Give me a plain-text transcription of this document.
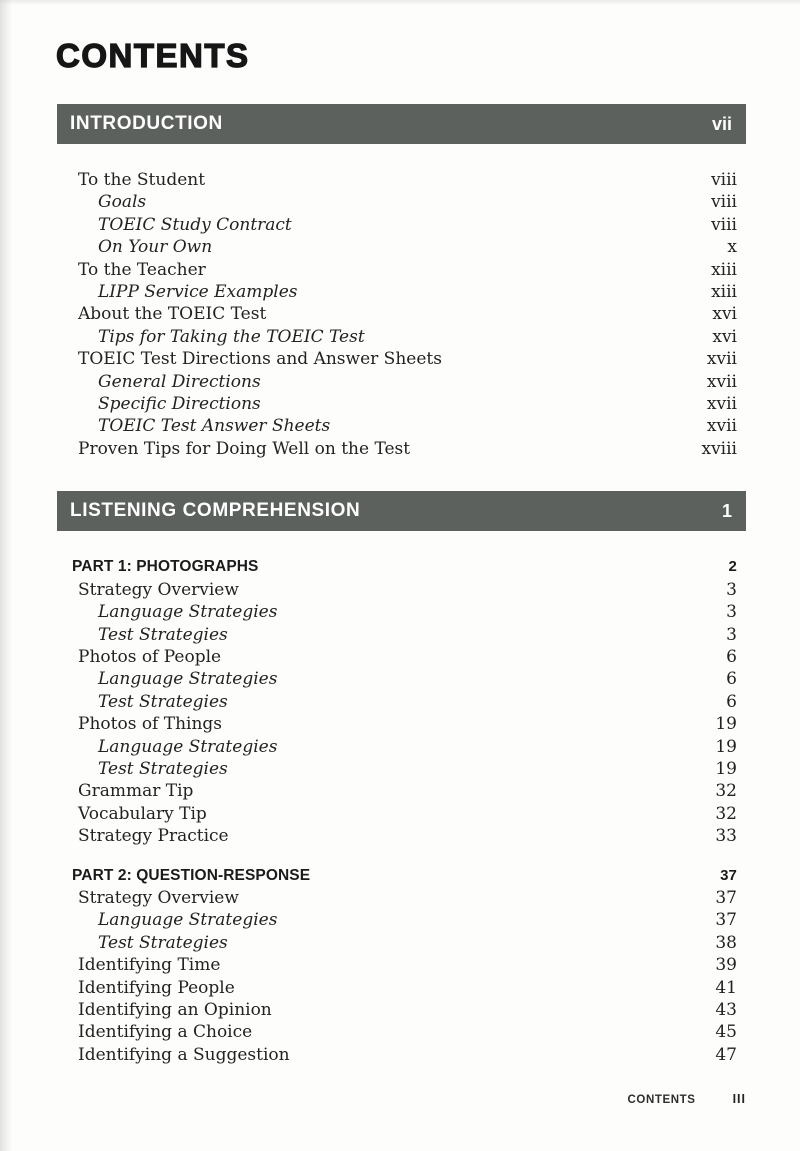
CONTENTS
INTRODUCTION	vii
To the Student	viii
Goals	viii
TOEIC Study Contract	viii
On Your Own	x
To the Teacher	xiii
LIPP Service Examples	xiii
About the TOEIC Test	xvi
Tips for Taking the TOEIC Test	xvi
TOEIC Test Directions and Answer Sheets	xvii
General Directions	xvii
Specific Directions	xvii
TOEIC Test Answer Sheets	xvii
Proven Tips for Doing Well on the Test	xviii
LISTENING COMPREHENSION	1
PART 1: PHOTOGRAPHS	2
Strategy Overview	3
Language Strategies	3
Test Strategies	3
Photos of People	6
Language Strategies	6
Test Strategies	6
Photos of Things	19
Language Strategies	19
Test Strategies	19
Grammar Tip	32
Vocabulary Tip	32
Strategy Practice	33
PART 2: QUESTION-RESPONSE	37
Strategy Overview	37
Language Strategies	37
Test Strategies	38
Identifying Time	39
Identifying People	41
Identifying an Opinion	43
Identifying a Choice	45
Identifying a Suggestion	47
CONTENTS	III
